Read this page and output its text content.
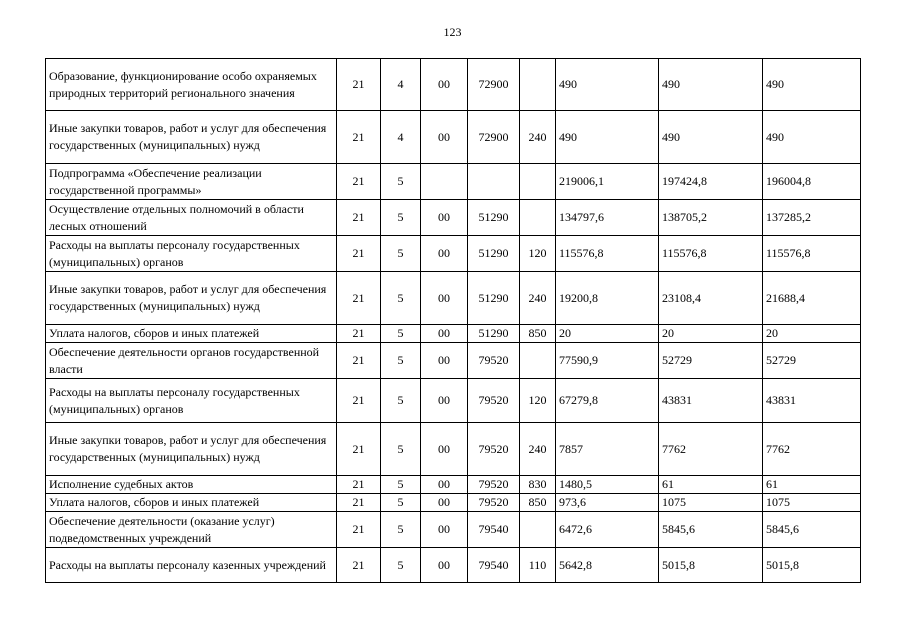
123
Образование, функционирование особо охраняемых природных территорий регионального значения	21	4	00	72900		490	490	490
Иные закупки товаров, работ и услуг для обеспечения государственных (муниципальных) нужд	21	4	00	72900	240	490	490	490
Подпрограмма «Обеспечение реализации государственной программы»	21	5				219006,1	197424,8	196004,8
Осуществление отдельных полномочий в области лесных отношений	21	5	00	51290		134797,6	138705,2	137285,2
Расходы на выплаты персоналу государственных (муниципальных) органов	21	5	00	51290	120	115576,8	115576,8	115576,8
Иные закупки товаров, работ и услуг для обеспечения государственных (муниципальных) нужд	21	5	00	51290	240	19200,8	23108,4	21688,4
Уплата налогов, сборов и иных платежей	21	5	00	51290	850	20	20	20
Обеспечение деятельности органов государственной власти	21	5	00	79520		77590,9	52729	52729
Расходы на выплаты персоналу государственных (муниципальных) органов	21	5	00	79520	120	67279,8	43831	43831
Иные закупки товаров, работ и услуг для обеспечения государственных (муниципальных) нужд	21	5	00	79520	240	7857	7762	7762
Исполнение судебных актов	21	5	00	79520	830	1480,5	61	61
Уплата налогов, сборов и иных платежей	21	5	00	79520	850	973,6	1075	1075
Обеспечение деятельности (оказание услуг) подведомственных учреждений	21	5	00	79540		6472,6	5845,6	5845,6
Расходы на выплаты персоналу казенных учреждений	21	5	00	79540	110	5642,8	5015,8	5015,8
